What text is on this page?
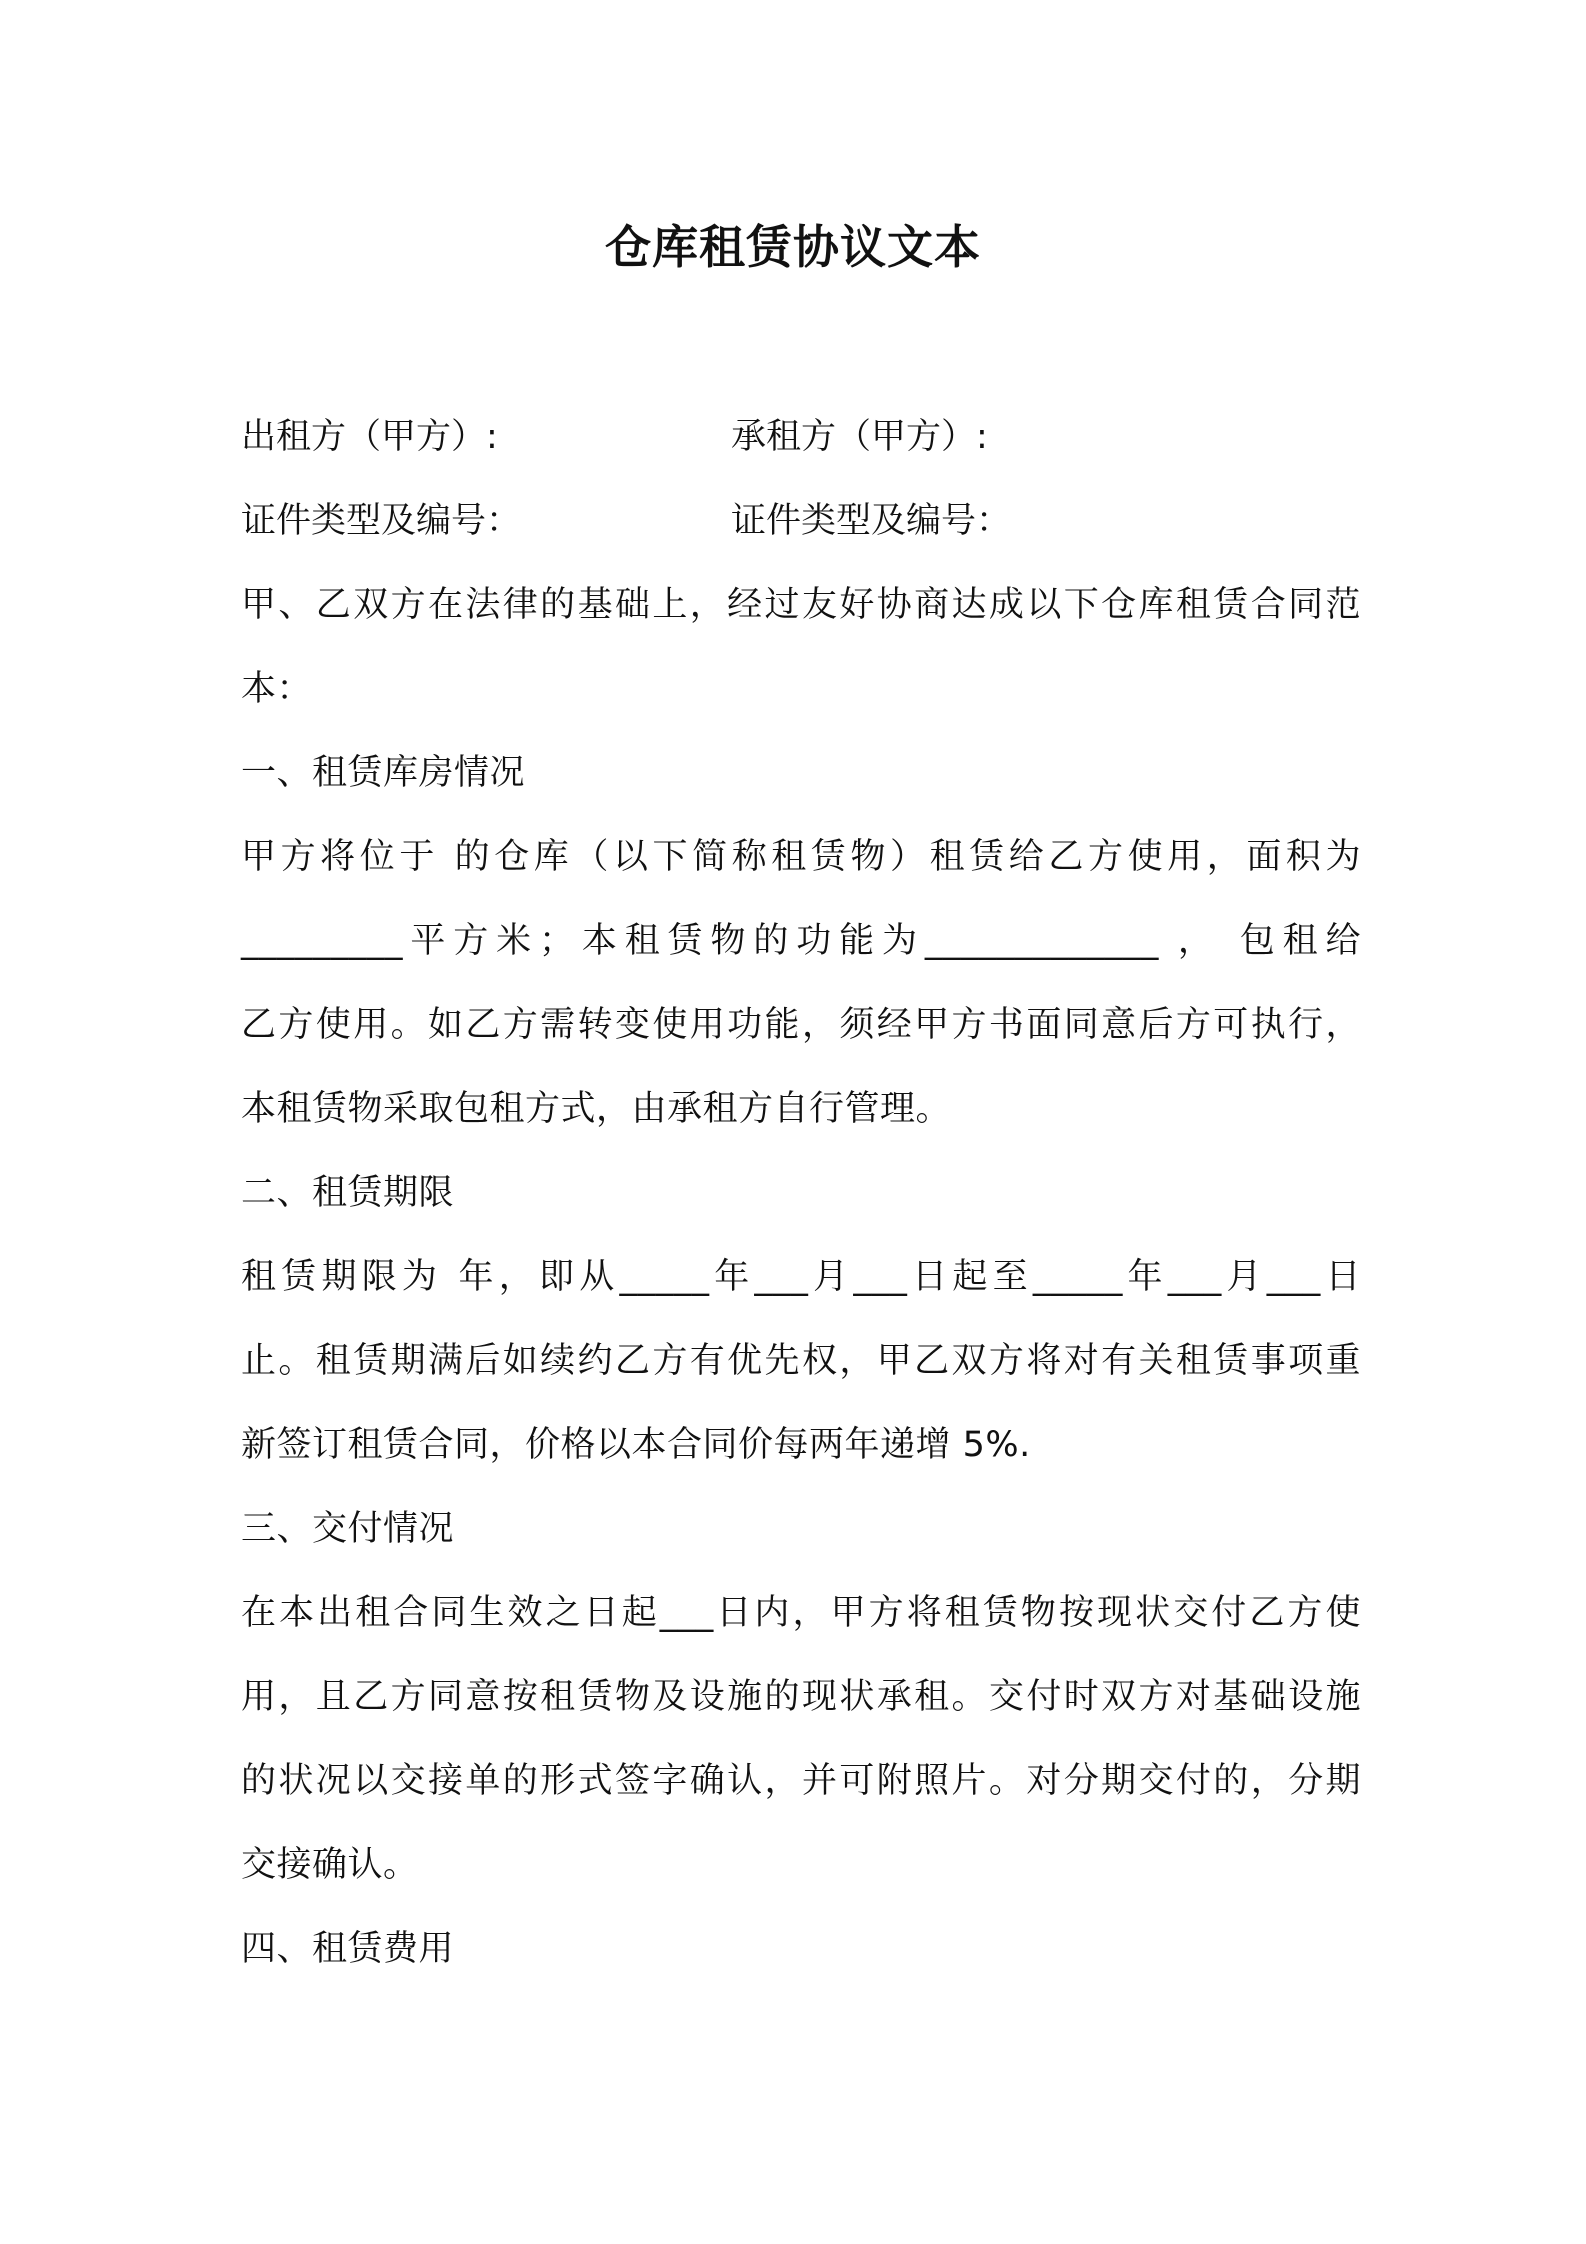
仓库租赁协议文本
出租方（甲方）:	承租方（甲方）:
证件类型及编号：	证件类型及编号：
甲、乙双方在法律的基础上，经过友好协商达成以下仓库租赁合同范
本：
一、租赁库房情况
甲方将位于 的仓库（以下简称租赁物）租赁给乙方使用，面积为
_________平方米；本租赁物的功能为_____________ ， 包租给
乙方使用。如乙方需转变使用功能，须经甲方书面同意后方可执行，
本租赁物采取包租方式，由承租方自行管理。
二、租赁期限
租赁期限为 年，即从_____年___月___日起至_____年___月___日
止。租赁期满后如续约乙方有优先权，甲乙双方将对有关租赁事项重
新签订租赁合同，价格以本合同价每两年递增 5%.
三、交付情况
在本出租合同生效之日起___日内，甲方将租赁物按现状交付乙方使
用，且乙方同意按租赁物及设施的现状承租。交付时双方对基础设施
的状况以交接单的形式签字确认，并可附照片。对分期交付的，分期
交接确认。
四、租赁费用
